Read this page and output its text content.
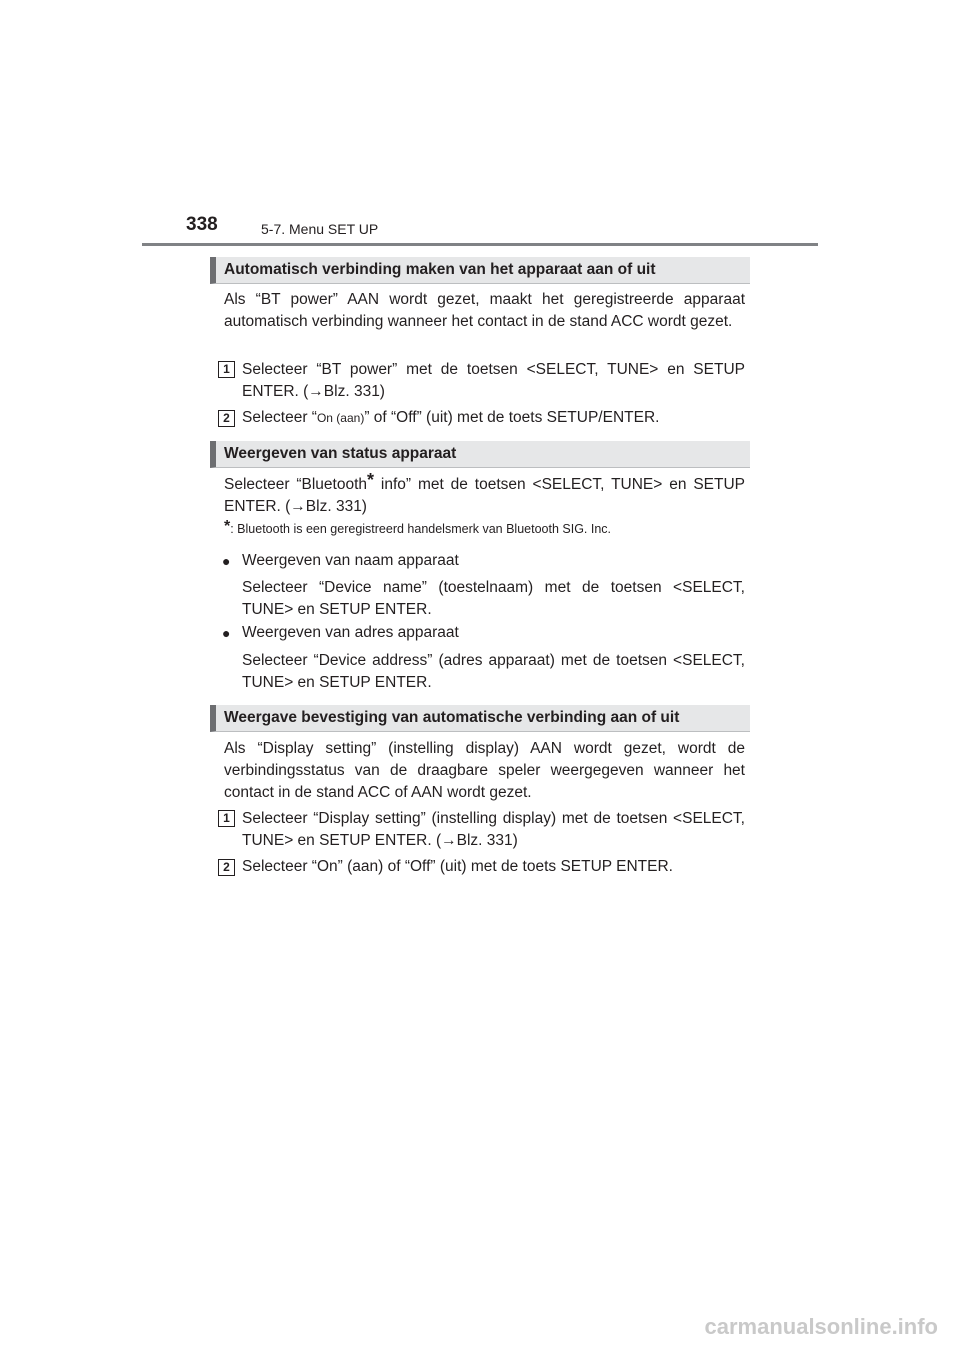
338	5-7. Menu SET UP
Automatisch verbinding maken van het apparaat aan of uit

Als “BT power” AAN wordt gezet, maakt het geregistreerde apparaat automatisch verbinding wanneer het contact in de stand ACC wordt gezet.

1 Selecteer “BT power” met de toetsen <SELECT, TUNE> en SETUP ENTER. (→Blz. 331)

2 Selecteer “On (aan)” of “Off” (uit) met de toets SETUP/ENTER.

Weergeven van status apparaat

Selecteer “Bluetooth* info” met de toetsen <SELECT, TUNE> en SETUP ENTER. (→Blz. 331)

*: Bluetooth is een geregistreerd handelsmerk van Bluetooth SIG. Inc.
● Weergeven van naam apparaat

Selecteer “Device name” (toestelnaam) met de toetsen <SELECT, TUNE> en SETUP ENTER.

● Weergeven van adres apparaat

Selecteer “Device address” (adres apparaat) met de toetsen <SELECT, TUNE> en SETUP ENTER.

Weergave bevestiging van automatische verbinding aan of uit

Als “Display setting” (instelling display) AAN wordt gezet, wordt de verbindingsstatus van de draagbare speler weergegeven wanneer het contact in de stand ACC of AAN wordt gezet.

1 Selecteer “Display setting” (instelling display) met de toetsen <SELECT, TUNE> en SETUP ENTER. (→Blz. 331)

2 Selecteer “On” (aan) of “Off” (uit) met de toets SETUP ENTER.

carmanualsonline.info
